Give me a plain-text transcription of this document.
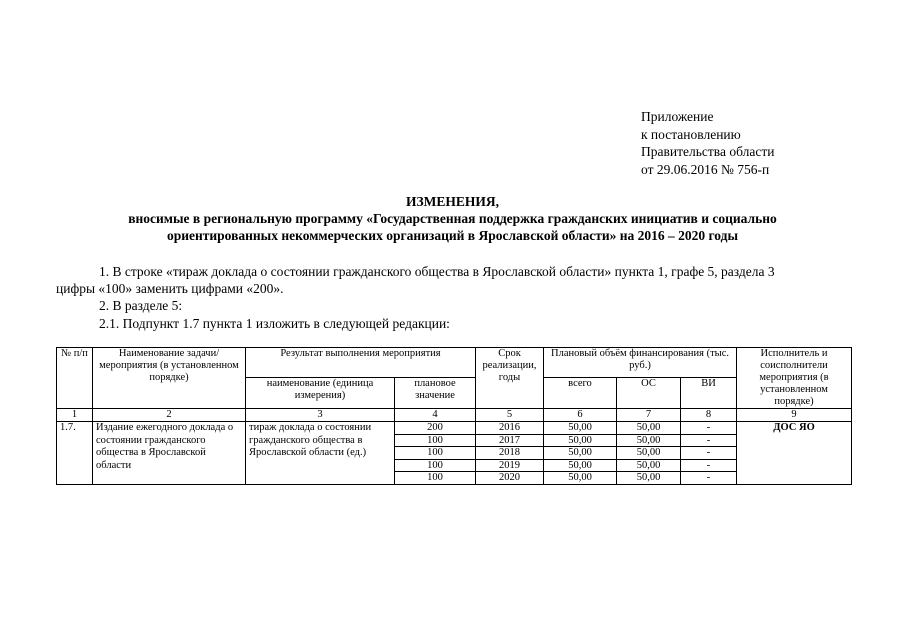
Приложение
к постановлению
Правительства области
от 29.06.2016 № 756-п
ИЗМЕНЕНИЯ,
вносимые в региональную программу «Государственная поддержка гражданских инициатив и социально
ориентированных некоммерческих организаций в Ярославской области» на 2016 – 2020 годы
1. В строке «тираж доклада о состоянии гражданского общества в Ярославской области» пункта 1, графе 5, раздела 3
цифры «100» заменить цифрами «200».
2. В разделе 5:
2.1. Подпункт 1.7 пункта 1 изложить в следующей редакции:
№ п/п	Наименование задачи/ мероприятия (в установленном порядке)	Результат выполнения мероприятия		Срок реализации, годы	Плановый объём финансирования (тыс. руб.)			Исполнитель и соисполнители мероприятия (в установленном порядке)
		наименование (единица измерения)	плановое значение		всего	ОС	ВИ	
1	2	3	4	5	6	7	8	9
1.7.	Издание ежегодного доклада о состоянии гражданского общества в Ярославской области	тираж доклада о состоянии гражданского общества в Ярославской области (ед.)	200	2016	50,00	50,00	-	ДОС ЯО
			100	2017	50,00	50,00	-	
			100	2018	50,00	50,00	-	
			100	2019	50,00	50,00	-	
			100	2020	50,00	50,00	-	
